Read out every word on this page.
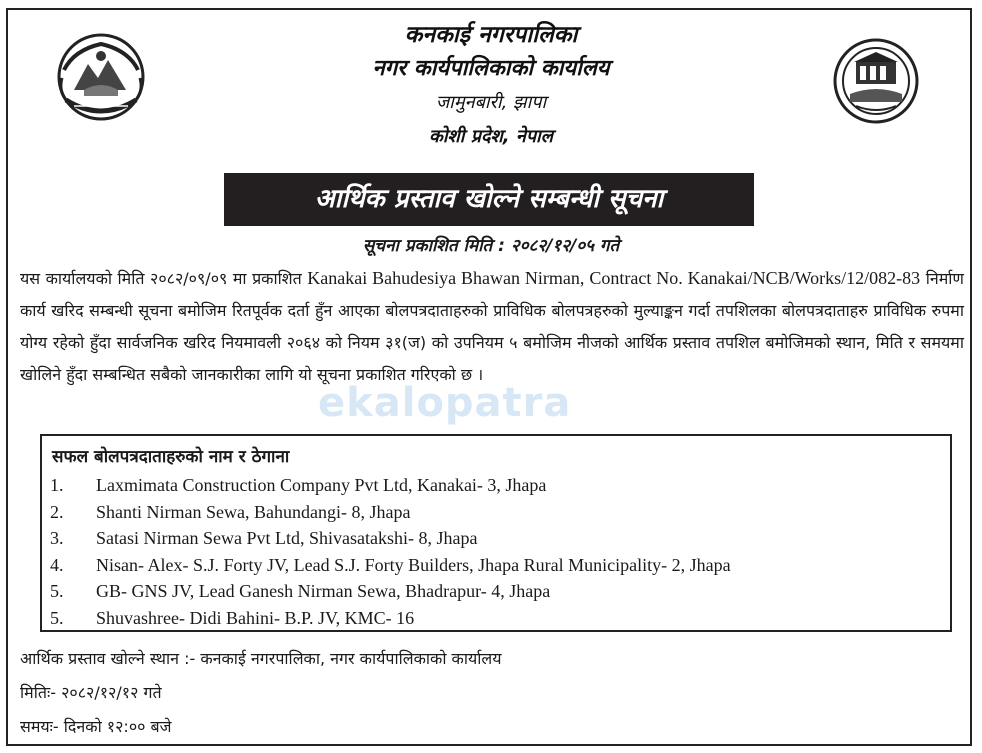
कनकाई नगरपालिका
नगर कार्यपालिकाको कार्यालय
जामुनबारी, झापा
कोशी प्रदेश, नेपाल
आर्थिक प्रस्ताव खोल्ने सम्बन्धी सूचना
सूचना प्रकाशित मिति : २०८२/१२/०५ गते
यस कार्यालयको मिति २०८२/०९/०९ मा प्रकाशित Kanakai Bahudesiya Bhawan Nirman, Contract No. Kanakai/NCB/Works/12/082-83 निर्माण कार्य खरिद सम्बन्धी सूचना बमोजिम रितपूर्वक दर्ता हुँन आएका बोलपत्रदाताहरुको प्राविधिक बोलपत्रहरुको मुल्याङ्कन गर्दा तपशिलका बोलपत्रदाताहरु प्राविधिक रुपमा योग्य रहेको हुँदा सार्वजनिक खरिद नियमावली २०६४ को नियम ३१(ज) को उपनियम ५ बमोजिम नीजको आर्थिक प्रस्ताव तपशिल बमोजिमको स्थान, मिति र समयमा खोलिने हुँदा सम्बन्धित सबैको जानकारीका लागि यो सूचना प्रकाशित गरिएको छ ।
ekalopatra
सफल बोलपत्रदाताहरुको नाम र ठेगाना
1. Laxmimata Construction Company Pvt Ltd, Kanakai- 3, Jhapa
2. Shanti Nirman Sewa, Bahundangi- 8, Jhapa
3. Satasi Nirman Sewa Pvt Ltd, Shivasatakshi- 8, Jhapa
4. Nisan- Alex- S.J. Forty JV, Lead S.J. Forty Builders, Jhapa Rural Municipality- 2, Jhapa
5. GB- GNS JV, Lead Ganesh Nirman Sewa, Bhadrapur- 4, Jhapa
5. Shuvashree- Didi Bahini- B.P. JV, KMC- 16
आर्थिक प्रस्ताव खोल्ने स्थान :- कनकाई नगरपालिका, नगर कार्यपालिकाको कार्यालय
मितिः- २०८२/१२/१२ गते
समयः- दिनको १२:०० बजे
